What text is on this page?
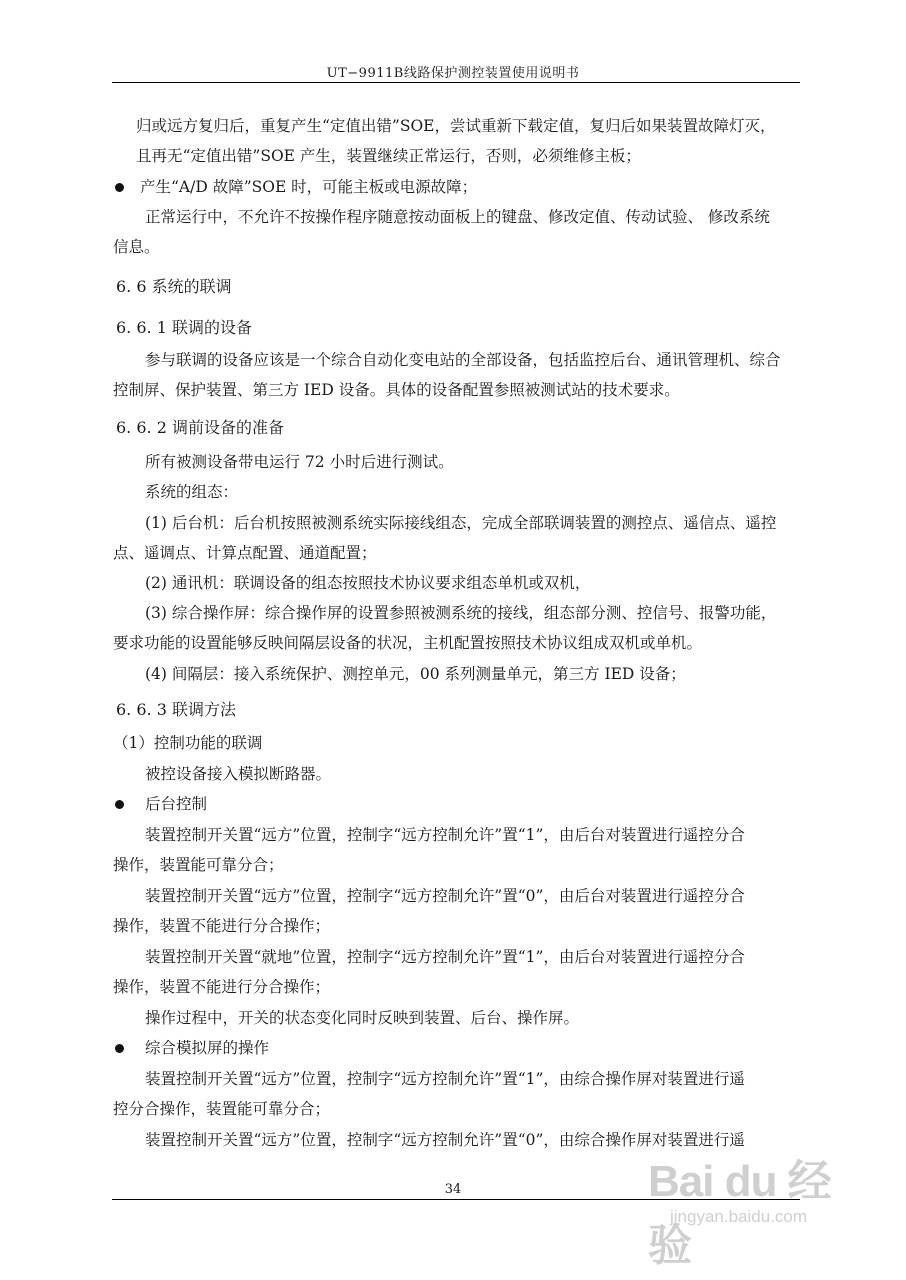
UT−9911B线路保护测控装置使用说明书
归或远方复归后，重复产生“定值出错”SOE，尝试重新下载定值，复归后如果装置故障灯灭，
且再无“定值出错”SOE 产生，装置继续正常运行，否则，必须维修主板；
产生“A/D 故障”SOE 时，可能主板或电源故障；
正常运行中，不允许不按操作程序随意按动面板上的键盘、修改定值、传动试验、 修改系统
信息。
6. 6 系统的联调
6. 6. 1 联调的设备
参与联调的设备应该是一个综合自动化变电站的全部设备，包括监控后台、通讯管理机、综合
控制屏、保护装置、第三方 IED 设备。具体的设备配置参照被测试站的技术要求。
6. 6. 2 调前设备的准备
所有被测设备带电运行 72 小时后进行测试。
系统的组态：
(1) 后台机：后台机按照被测系统实际接线组态，完成全部联调装置的测控点、遥信点、遥控
点、遥调点、计算点配置、通道配置；
(2) 通讯机：联调设备的组态按照技术协议要求组态单机或双机，
(3) 综合操作屏：综合操作屏的设置参照被测系统的接线，组态部分测、控信号、报警功能，
要求功能的设置能够反映间隔层设备的状况，主机配置按照技术协议组成双机或单机。
(4) 间隔层：接入系统保护、测控单元，00 系列测量单元，第三方 IED 设备；
6. 6. 3 联调方法
（1）控制功能的联调
被控设备接入模拟断路器。
后台控制
装置控制开关置“远方”位置，控制字“远方控制允许”置“1”，由后台对装置进行遥控分合
操作，装置能可靠分合；
装置控制开关置“远方”位置，控制字“远方控制允许”置“0”，由后台对装置进行遥控分合
操作，装置不能进行分合操作；
装置控制开关置“就地”位置，控制字“远方控制允许”置“1”，由后台对装置进行遥控分合
操作，装置不能进行分合操作；
操作过程中，开关的状态变化同时反映到装置、后台、操作屏。
综合模拟屏的操作
装置控制开关置“远方”位置，控制字“远方控制允许”置“1”，由综合操作屏对装置进行遥
控分合操作，装置能可靠分合；
装置控制开关置“远方”位置，控制字“远方控制允许”置“0”，由综合操作屏对装置进行遥
34	Bai du 经验
jingyan.baidu.com
